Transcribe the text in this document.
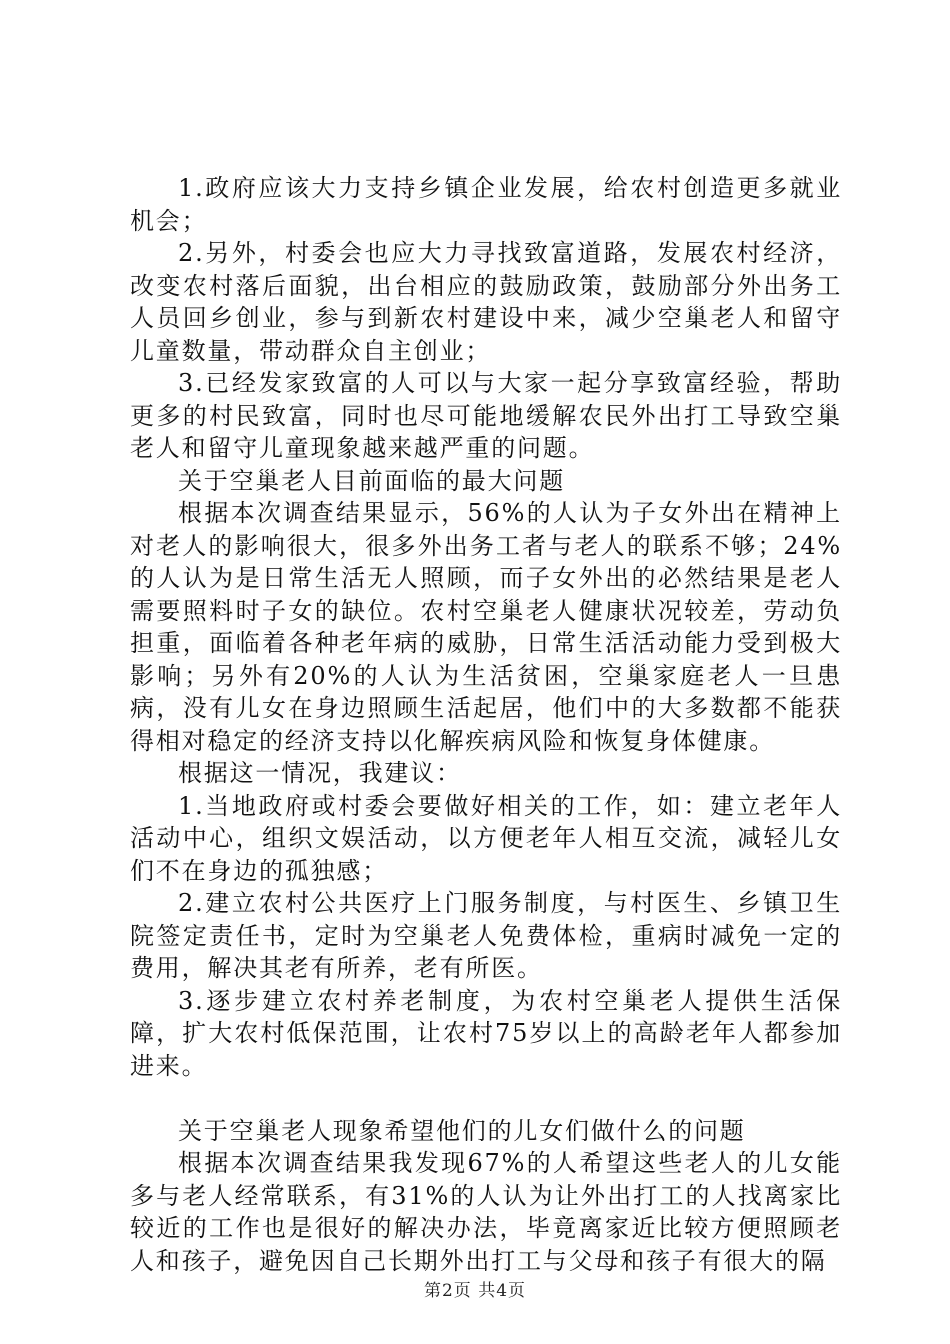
1.政府应该大力支持乡镇企业发展，给农村创造更多就业机会；

2.另外，村委会也应大力寻找致富道路，发展农村经济，改变农村落后面貌，出台相应的鼓励政策，鼓励部分外出务工人员回乡创业，参与到新农村建设中来，减少空巢老人和留守儿童数量，带动群众自主创业；

3.已经发家致富的人可以与大家一起分享致富经验，帮助更多的村民致富，同时也尽可能地缓解农民外出打工导致空巢老人和留守儿童现象越来越严重的问题。

关于空巢老人目前面临的最大问题

根据本次调查结果显示，56%的人认为子女外出在精神上对老人的影响很大，很多外出务工者与老人的联系不够；24%的人认为是日常生活无人照顾，而子女外出的必然结果是老人需要照料时子女的缺位。农村空巢老人健康状况较差，劳动负担重，面临着各种老年病的威胁，日常生活活动能力受到极大影响；另外有20%的人认为生活贫困，空巢家庭老人一旦患病，没有儿女在身边照顾生活起居，他们中的大多数都不能获得相对稳定的经济支持以化解疾病风险和恢复身体健康。

根据这一情况，我建议：

1.当地政府或村委会要做好相关的工作，如：建立老年人活动中心，组织文娱活动，以方便老年人相互交流，减轻儿女们不在身边的孤独感；

2.建立农村公共医疗上门服务制度，与村医生、乡镇卫生院签定责任书，定时为空巢老人免费体检，重病时减免一定的费用，解决其老有所养，老有所医。

3.逐步建立农村养老制度，为农村空巢老人提供生活保障，扩大农村低保范围，让农村75岁以上的高龄老年人都参加进来。

关于空巢老人现象希望他们的儿女们做什么的问题

根据本次调查结果我发现67%的人希望这些老人的儿女能多与老人经常联系，有31%的人认为让外出打工的人找离家比较近的工作也是很好的解决办法，毕竟离家近比较方便照顾老人和孩子，避免因自己长期外出打工与父母和孩子有很大的隔

第2页 共4页
